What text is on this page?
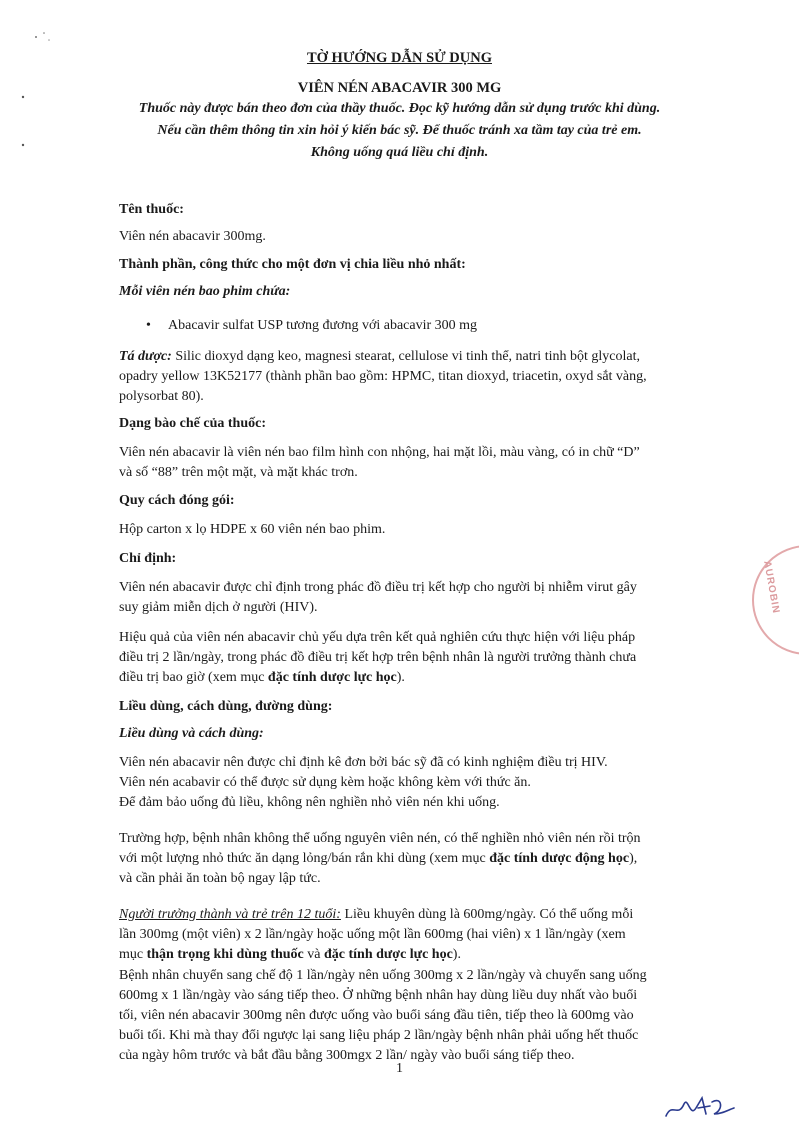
TỜ HƯỚNG DẪN SỬ DỤNG
VIÊN NÉN ABACAVIR 300 MG
Thuốc này được bán theo đơn của thầy thuốc. Đọc kỹ hướng dẫn sử dụng trước khi dùng.
Nếu cần thêm thông tin xin hỏi ý kiến bác sỹ. Để thuốc tránh xa tầm tay của trẻ em.
Không uống quá liều chỉ định.
Tên thuốc:
Viên nén abacavir 300mg.
Thành phần, công thức cho một đơn vị chia liều nhỏ nhất:
Mỗi viên nén bao phim chứa:
• Abacavir sulfat USP tương đương với abacavir 300 mg
Tá dược: Silic dioxyd dạng keo, magnesi stearat, cellulose vi tinh thể, natri tinh bột glycolat,
opadry yellow 13K52177 (thành phần bao gồm: HPMC, titan dioxyd, triacetin, oxyd sắt vàng,
polysorbat 80).
Dạng bào chế của thuốc:
Viên nén abacavir là viên nén bao film hình con nhộng, hai mặt lồi, màu vàng, có in chữ “D”
và số “88” trên một mặt, và mặt khác trơn.
Quy cách đóng gói:
Hộp carton x lọ HDPE x 60 viên nén bao phim.
Chỉ định:
Viên nén abacavir được chỉ định trong phác đồ điều trị kết hợp cho người bị nhiễm virut gây
suy giảm miễn dịch ở người (HIV).
Hiệu quả của viên nén abacavir chủ yếu dựa trên kết quả nghiên cứu thực hiện với liệu pháp
điều trị 2 lần/ngày, trong phác đồ điều trị kết hợp trên bệnh nhân là người trưởng thành chưa
điều trị bao giờ (xem mục đặc tính dược lực học).
Liều dùng, cách dùng, đường dùng:
Liều dùng và cách dùng:
Viên nén abacavir nên được chỉ định kê đơn bởi bác sỹ đã có kinh nghiệm điều trị HIV.
Viên nén acabavir có thể được sử dụng kèm hoặc không kèm với thức ăn.
Để đảm bảo uống đủ liều, không nên nghiền nhỏ viên nén khi uống.
Trường hợp, bệnh nhân không thể uống nguyên viên nén, có thể nghiền nhỏ viên nén rồi trộn
với một lượng nhỏ thức ăn dạng lỏng/bán rắn khi dùng (xem mục đặc tính dược động học),
và cần phải ăn toàn bộ ngay lập tức.
Người trưởng thành và trẻ trên 12 tuổi: Liều khuyên dùng là 600mg/ngày. Có thể uống mỗi
lần 300mg (một viên) x 2 lần/ngày hoặc uống một lần 600mg (hai viên) x 1 lần/ngày (xem
mục thận trọng khi dùng thuốc và đặc tính dược lực học).
Bệnh nhân chuyển sang chế độ 1 lần/ngày nên uống 300mg x 2 lần/ngày và chuyển sang uống
600mg x 1 lần/ngày vào sáng tiếp theo. Ở những bệnh nhân hay dùng liều duy nhất vào buổi
tối, viên nén abacavir 300mg nên được uống vào buổi sáng đầu tiên, tiếp theo là 600mg vào
buổi tối. Khi mà thay đổi ngược lại sang liệu pháp 2 lần/ngày bệnh nhân phải uống hết thuốc
của ngày hôm trước và bắt đầu bằng 300mgx 2 lần/ ngày vào buổi sáng tiếp theo.
1
AUROBIN
